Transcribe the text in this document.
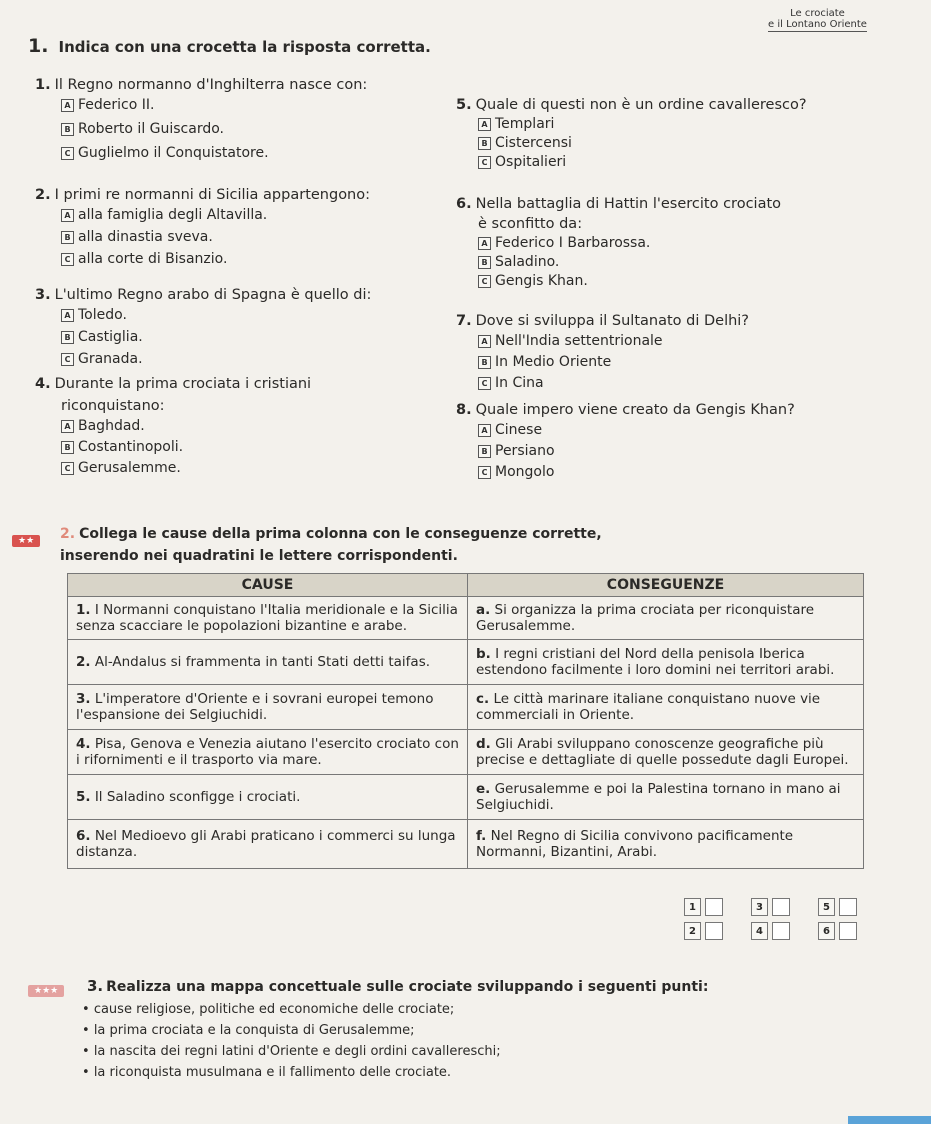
Le crociate
e il Lontano Oriente
1. Indica con una crocetta la risposta corretta.
1. Il Regno normanno d'Inghilterra nasce con:
A Federico II.
B Roberto il Guiscardo.
C Guglielmo il Conquistatore.
2. I primi re normanni di Sicilia appartengono:
A alla famiglia degli Altavilla.
B alla dinastia sveva.
C alla corte di Bisanzio.
3. L'ultimo Regno arabo di Spagna è quello di:
A Toledo.
B Castiglia.
C Granada.
4. Durante la prima crociata i cristiani
riconquistano:
A Baghdad.
B Costantinopoli.
C Gerusalemme.
5. Quale di questi non è un ordine cavalleresco?
A Templari
B Cistercensi
C Ospitalieri
6. Nella battaglia di Hattin l'esercito crociato
è sconfitto da:
A Federico I Barbarossa.
B Saladino.
C Gengis Khan.
7. Dove si sviluppa il Sultanato di Delhi?
A Nell'India settentrionale
B In Medio Oriente
C In Cina
8. Quale impero viene creato da Gengis Khan?
A Cinese
B Persiano
C Mongolo
★★	2. Collega le cause della prima colonna con le conseguenze corrette,
inserendo nei quadratini le lettere corrispondenti.
CAUSE	CONSEGUENZE
1. I Normanni conquistano l'Italia meridionale e la Sicilia senza scacciare le popolazioni bizantine e arabe.	a. Si organizza la prima crociata per riconquistare Gerusalemme.
2. Al-Andalus si frammenta in tanti Stati detti taifas.	b. I regni cristiani del Nord della penisola Iberica estendono facilmente i loro domini nei territori arabi.
3. L'imperatore d'Oriente e i sovrani europei temono l'espansione dei Selgiuchidi.	c. Le città marinare italiane conquistano nuove vie commerciali in Oriente.
4. Pisa, Genova e Venezia aiutano l'esercito crociato con i rifornimenti e il trasporto via mare.	d. Gli Arabi sviluppano conoscenze geografiche più precise e dettagliate di quelle possedute dagli Europei.
5. Il Saladino sconfigge i crociati.	e. Gerusalemme e poi la Palestina tornano in mano ai Selgiuchidi.
6. Nel Medioevo gli Arabi praticano i commerci su lunga distanza.	f. Nel Regno di Sicilia convivono pacificamente Normanni, Bizantini, Arabi.
1	3	5
2	4	6
★★★	3. Realizza una mappa concettuale sulle crociate sviluppando i seguenti punti:
• cause religiose, politiche ed economiche delle crociate;
• la prima crociata e la conquista di Gerusalemme;
• la nascita dei regni latini d'Oriente e degli ordini cavallereschi;
• la riconquista musulmana e il fallimento delle crociate.
